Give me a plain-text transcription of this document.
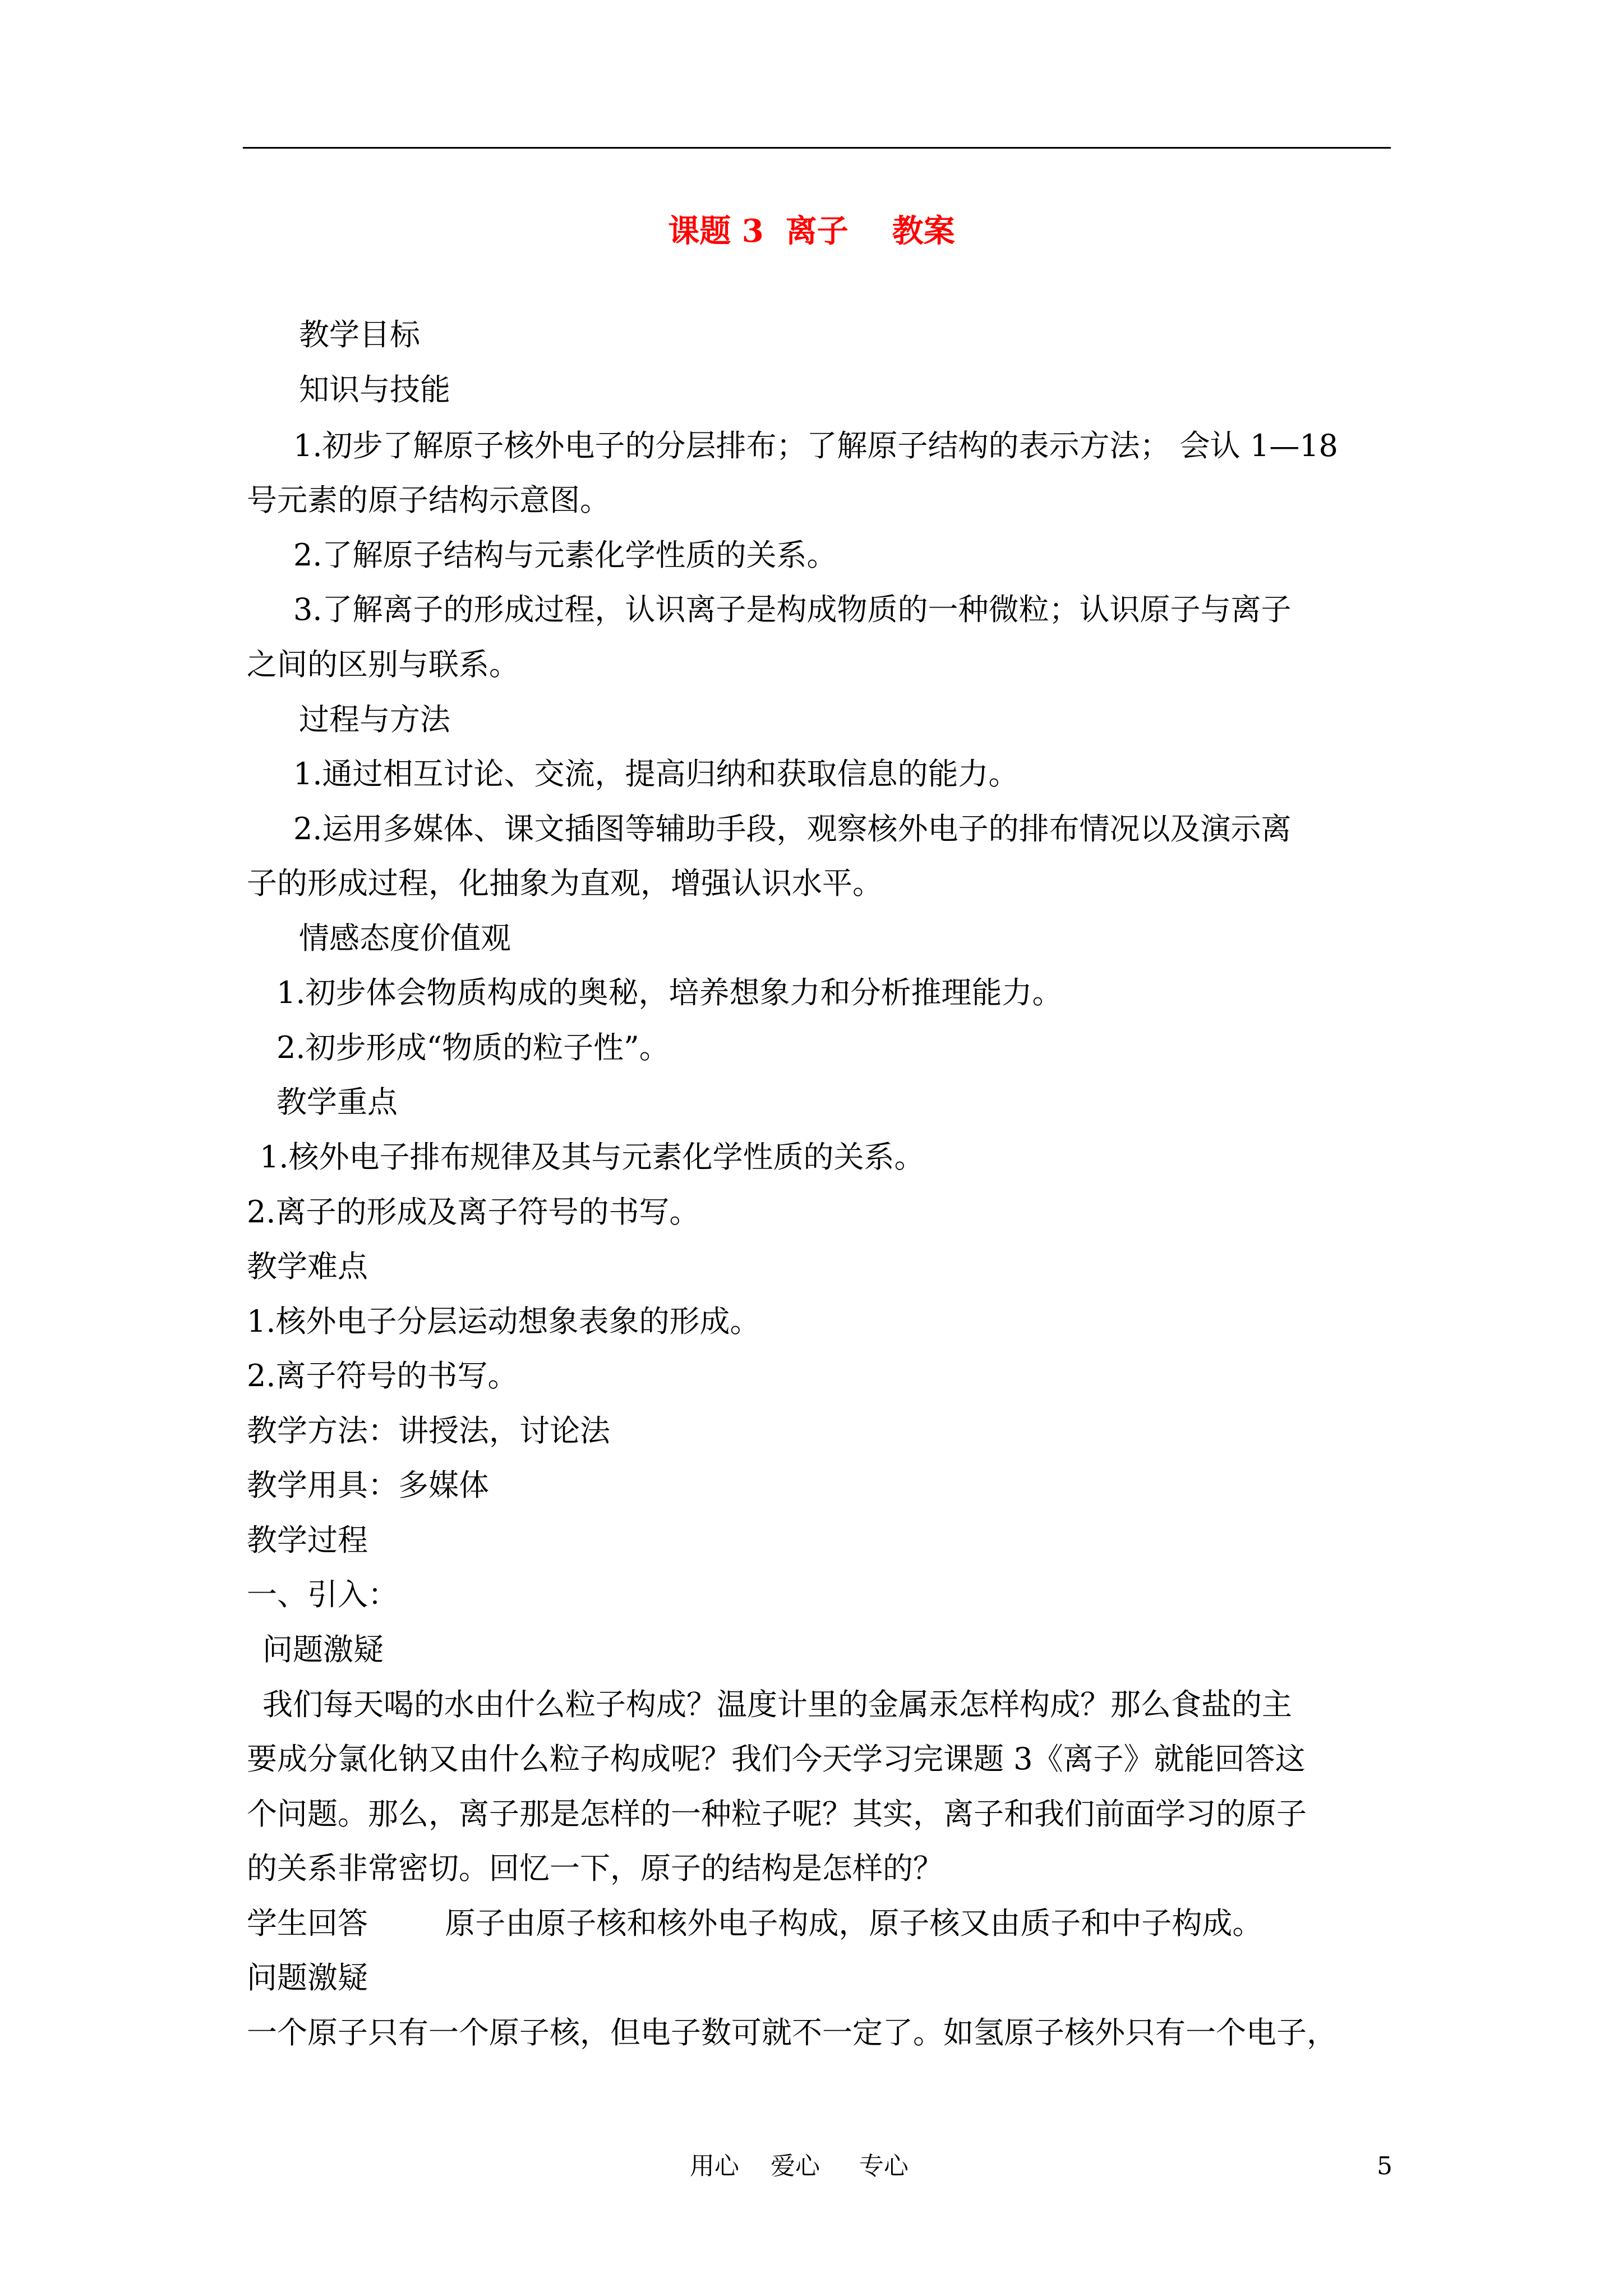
课题 3  离子    教案
教学目标
知识与技能
1.初步了解原子核外电子的分层排布；了解原子结构的表示方法； 会认 1—18
号元素的原子结构示意图。
2.了解原子结构与元素化学性质的关系。
3.了解离子的形成过程，认识离子是构成物质的一种微粒；认识原子与离子
之间的区别与联系。
过程与方法
1.通过相互讨论、交流，提高归纳和获取信息的能力。
2.运用多媒体、课文插图等辅助手段，观察核外电子的排布情况以及演示离
子的形成过程，化抽象为直观，增强认识水平。
情感态度价值观
1.初步体会物质构成的奥秘，培养想象力和分析推理能力。
2.初步形成“物质的粒子性”。
教学重点
1.核外电子排布规律及其与元素化学性质的关系。
2.离子的形成及离子符号的书写。
教学难点
1.核外电子分层运动想象表象的形成。
2.离子符号的书写。
教学方法：讲授法，讨论法
教学用具：多媒体
教学过程
一、引入：
问题激疑
我们每天喝的水由什么粒子构成？温度计里的金属汞怎样构成？那么食盐的主
要成分氯化钠又由什么粒子构成呢？我们今天学习完课题 3《离子》就能回答这
个问题。那么，离子那是怎样的一种粒子呢？其实，离子和我们前面学习的原子
的关系非常密切。回忆一下，原子的结构是怎样的？
学生回答        原子由原子核和核外电子构成，原子核又由质子和中子构成。
问题激疑
一个原子只有一个原子核，但电子数可就不一定了。如氢原子核外只有一个电子，
用心    爱心     专心	5
